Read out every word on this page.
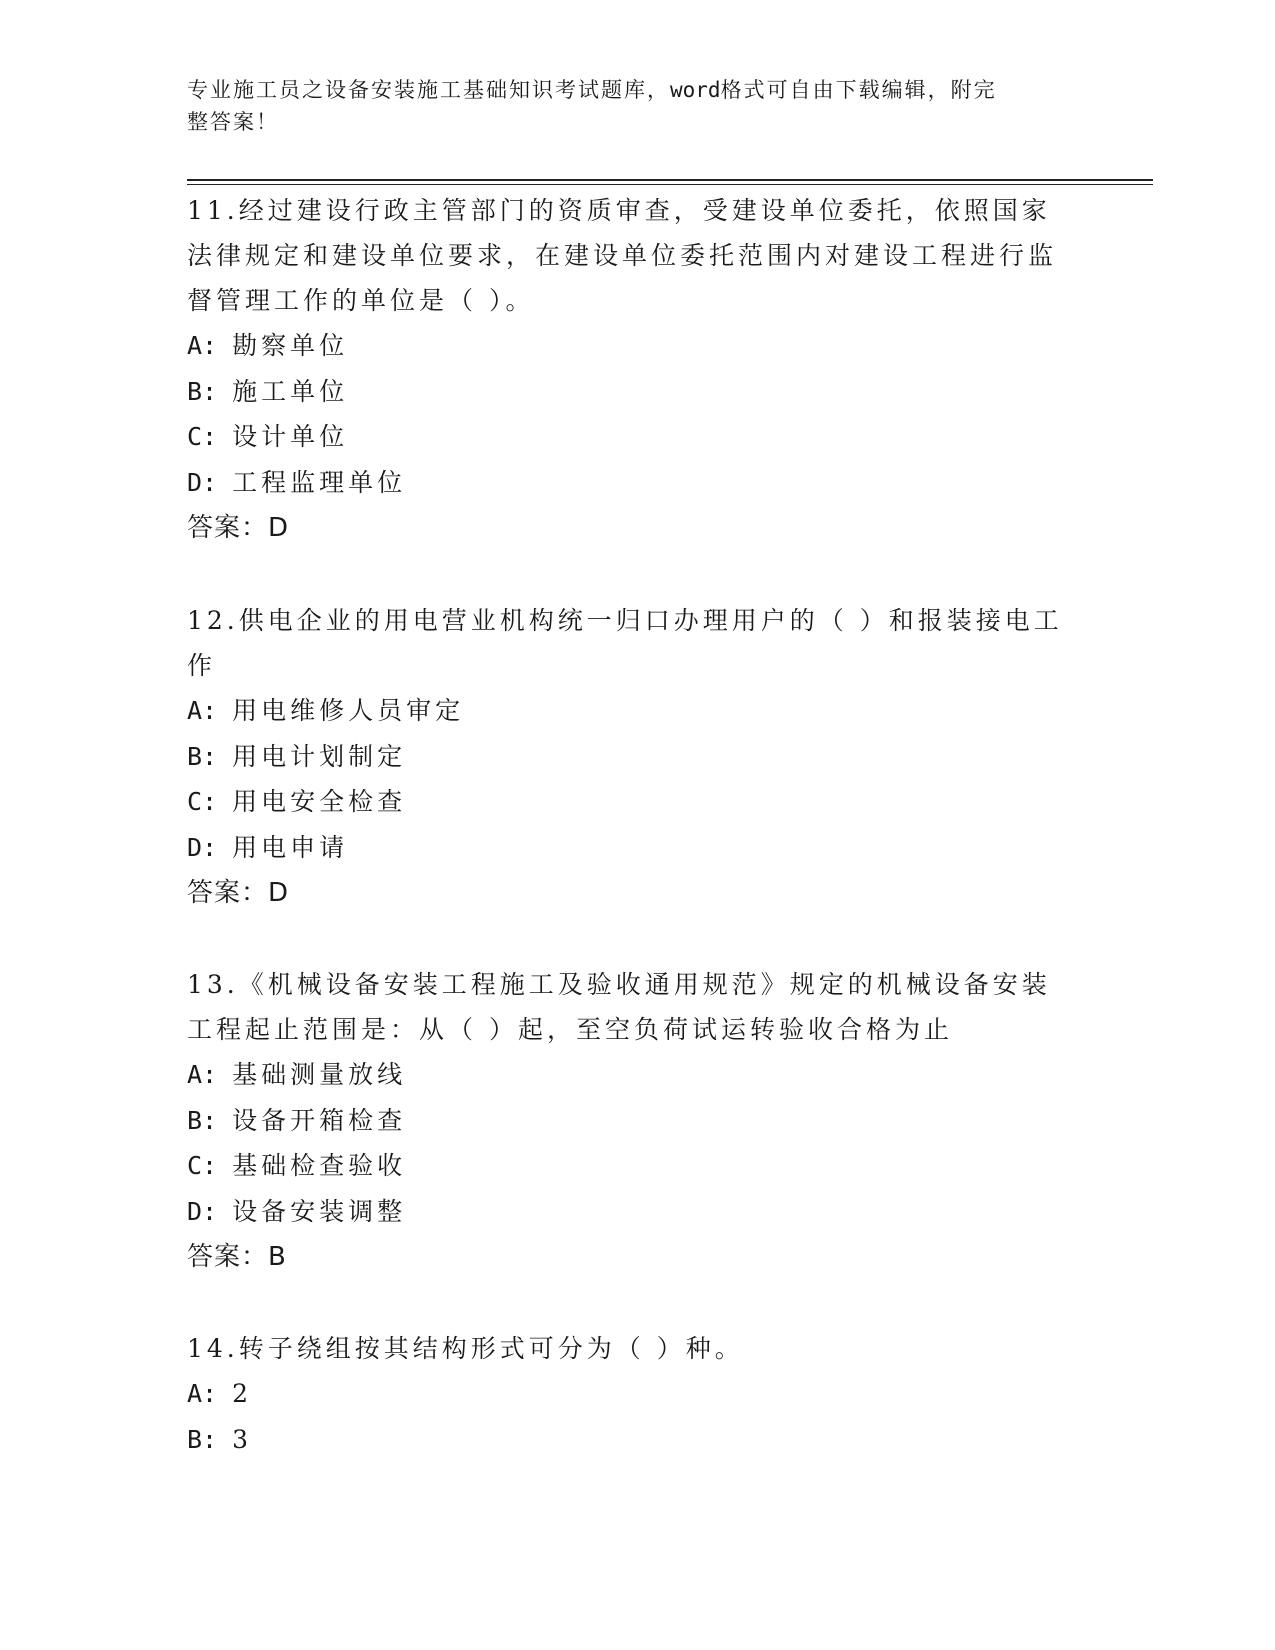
专业施工员之设备安装施工基础知识考试题库，word格式可自由下载编辑，附完
整答案！
11.经过建设行政主管部门的资质审查，受建设单位委托，依照国家法律规定和建设单位要求，在建设单位委托范围内对建设工程进行监督管理工作的单位是（ ）。
A: 勘察单位
B: 施工单位
C: 设计单位
D: 工程监理单位
答案：D
12.供电企业的用电营业机构统一归口办理用户的（ ）和报装接电工作
A: 用电维修人员审定
B: 用电计划制定
C: 用电安全检查
D: 用电申请
答案：D
13.《机械设备安装工程施工及验收通用规范》规定的机械设备安装工程起止范围是：从（ ）起，至空负荷试运转验收合格为止
A: 基础测量放线
B: 设备开箱检查
C: 基础检查验收
D: 设备安装调整
答案：B
14.转子绕组按其结构形式可分为（ ）种。
A: 2
B: 3
